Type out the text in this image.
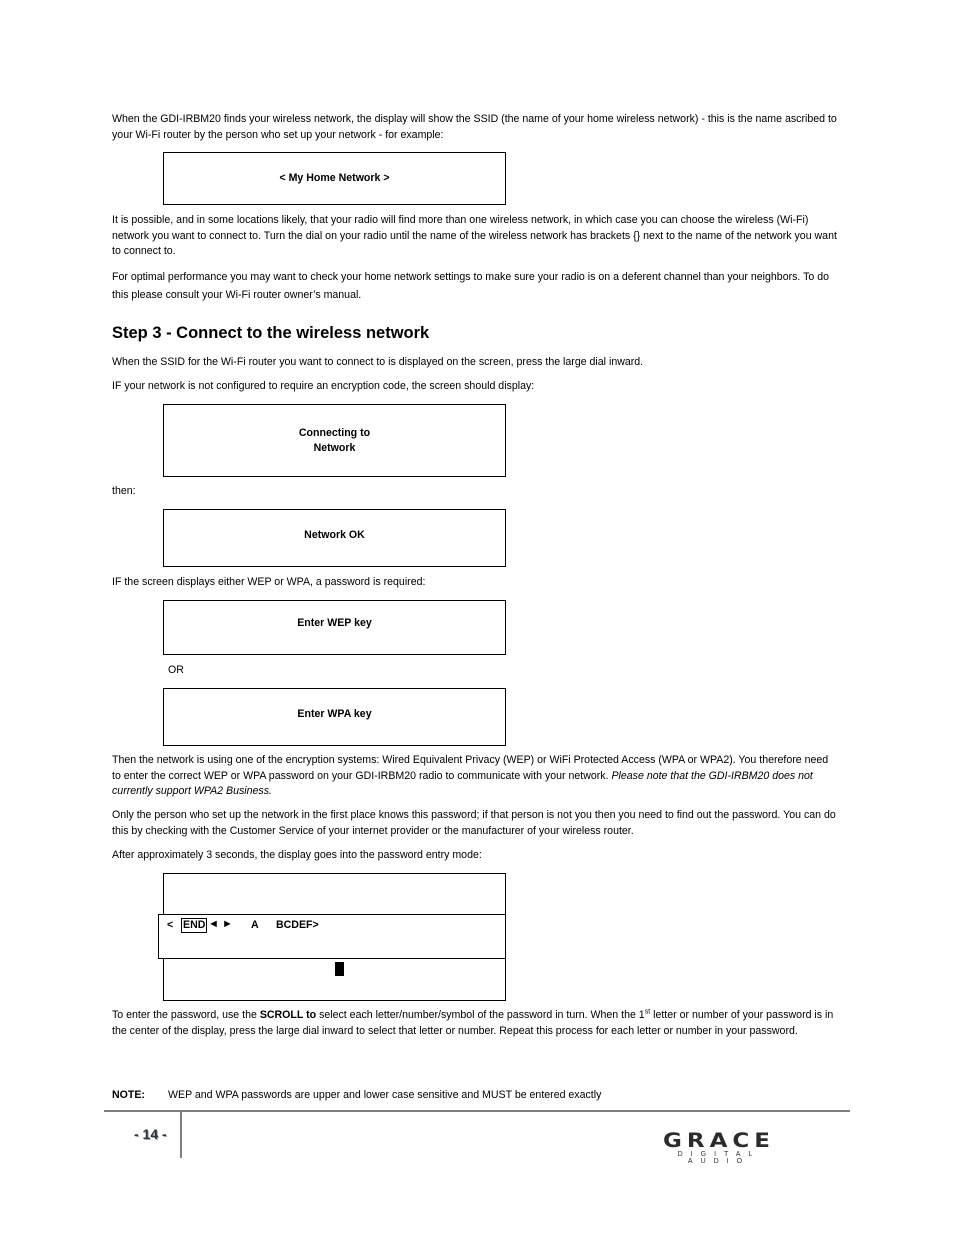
When the GDI-IRBM20 finds your wireless network, the display will show the SSID (the name of your home wireless network) - this is the name ascribed to your Wi-Fi router by the person who set up your network - for example:

< My Home Network >

It is possible, and in some locations likely, that your radio will find more than one wireless network, in which case you can choose the wireless (Wi-Fi) network you want to connect to. Turn the dial on your radio until the name of the wireless network has brackets {} next to the name of the network you want to connect to.

For optimal performance you may want to check your home network settings to make sure your radio is on a deferent channel than your neighbors. To do this please consult your Wi-Fi router owner’s manual.

Step 3 - Connect to the wireless network

When the SSID for the Wi-Fi router you want to connect to is displayed on the screen, press the large dial inward.

IF your network is not configured to require an encryption code, the screen should display:

Connecting to
Network

then:

Network OK

IF the screen displays either WEP or WPA, a password is required:

Enter WEP key

OR

Enter WPA key

Then the network is using one of the encryption systems: Wired Equivalent Privacy (WEP) or WiFi Protected Access (WPA or WPA2). You therefore need to enter the correct WEP or WPA password on your GDI-IRBM20 radio to communicate with your network. Please note that the GDI-IRBM20 does not currently support WPA2 Business.

Only the person who set up the network in the first place knows this password; if that person is not you then you need to find out the password. You can do this by checking with the Customer Service of your internet provider or the manufacturer of your wireless router.

After approximately 3 seconds, the display goes into the password entry mode:

< END ◄ ► A BCDEF>

To enter the password, use the SCROLL to select each letter/number/symbol of the password in turn. When the 1st letter or number of your password is in the center of the display, press the large dial inward to select that letter or number. Repeat this process for each letter or number in your password.

NOTE: WEP and WPA passwords are upper and lower case sensitive and MUST be entered exactly

- 14 -	GRACE
DIGITAL AUDIO
